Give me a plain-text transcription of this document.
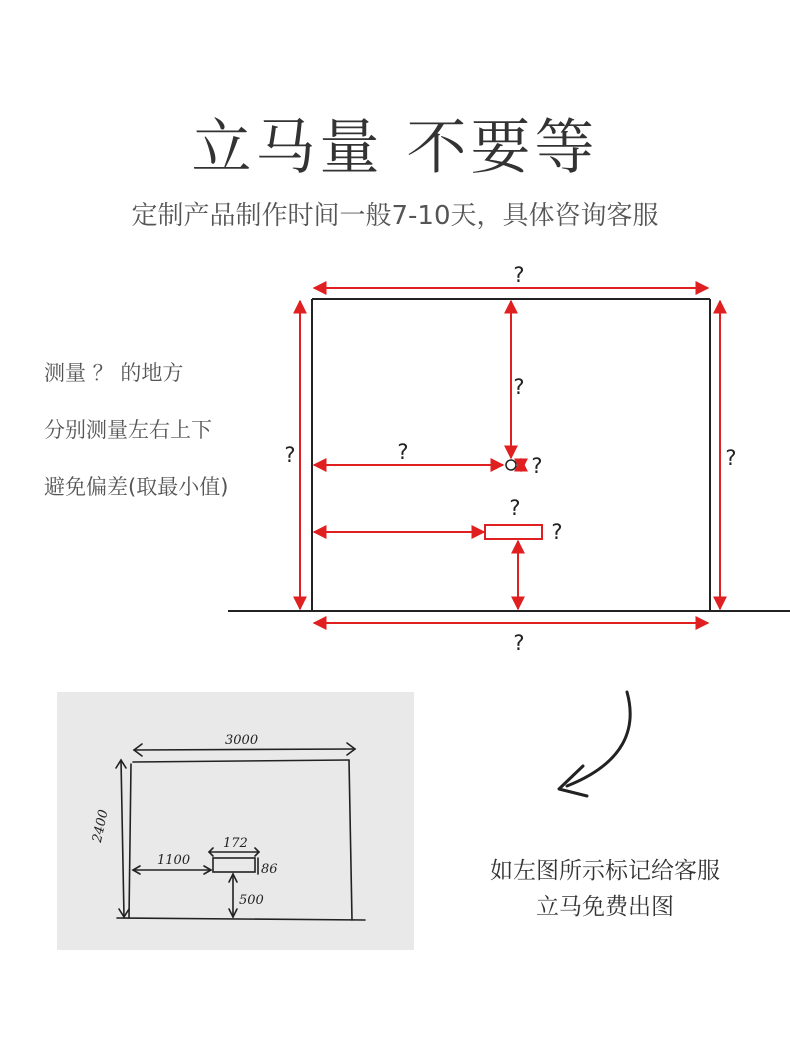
立马量 不要等
定制产品制作时间一般7-10天，具体咨询客服
测量 ？ 的地方
分别测量左右上下
避免偏差(取最小值)
?
?
?	?
?
?
?
?
?
3000
2400
1100
172
86
500
如左图所示标记给客服
立马免费出图
